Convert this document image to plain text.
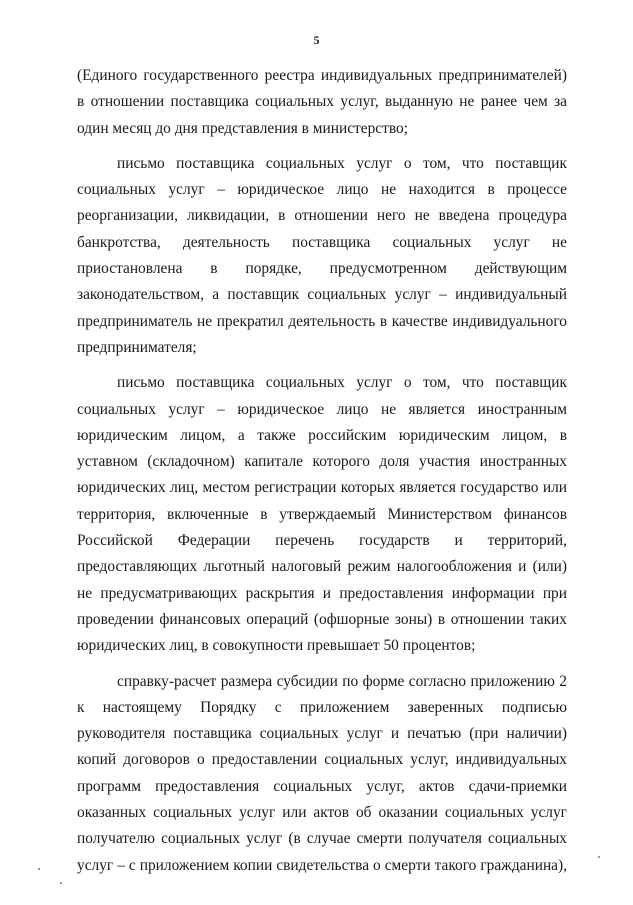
5

(Единого государственного реестра индивидуальных предпринимателей) в отношении поставщика социальных услуг, выданную не ранее чем за один месяц до дня представления в министерство;

письмо поставщика социальных услуг о том, что поставщик социальных услуг – юридическое лицо не находится в процессе реорганизации, ликвидации, в отношении него не введена процедура банкротства, деятельность поставщика социальных услуг не приостановлена в порядке, предусмотренном действующим законодательством, а поставщик социальных услуг – индивидуальный предприниматель не прекратил деятельность в качестве индивидуального предпринимателя;

письмо поставщика социальных услуг о том, что поставщик социальных услуг – юридическое лицо не является иностранным юридическим лицом, а также российским юридическим лицом, в уставном (складочном) капитале которого доля участия иностранных юридических лиц, местом регистрации которых является государство или территория, включенные в утверждаемый Министерством финансов Российской Федерации перечень государств и территорий, предоставляющих льготный налоговый режим налогообложения и (или) не предусматривающих раскрытия и предоставления информации при проведении финансовых операций (офшорные зоны) в отношении таких юридических лиц, в совокупности превышает 50 процентов;

справку-расчет размера субсидии по форме согласно приложению 2 к настоящему Порядку с приложением заверенных подписью руководителя поставщика социальных услуг и печатью (при наличии) копий договоров о предоставлении социальных услуг, индивидуальных программ предоставления социальных услуг, актов сдачи-приемки оказанных социальных услуг или актов об оказании социальных услуг получателю социальных услуг (в случае смерти получателя социальных услуг – с приложением копии свидетельства о смерти такого гражданина),
